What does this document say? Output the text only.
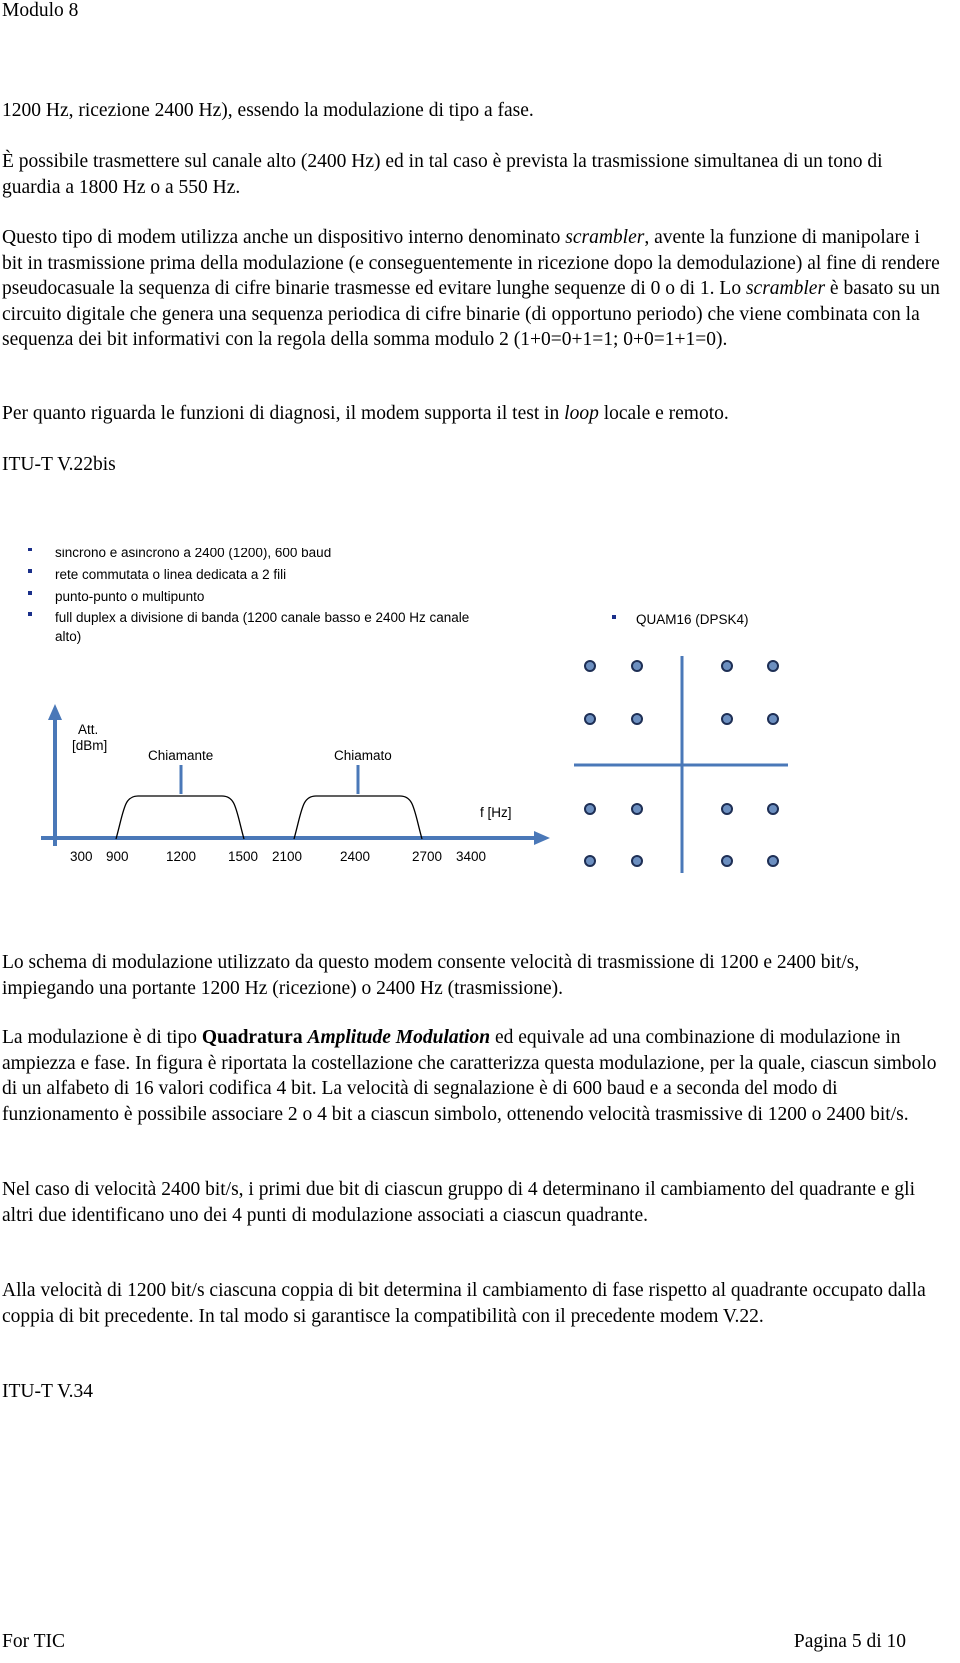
Modulo 8
1200 Hz, ricezione 2400 Hz), essendo la modulazione di tipo a fase.
È possibile trasmettere sul canale alto (2400 Hz) ed in tal caso è prevista la trasmissione simultanea di un tono di guardia a 1800 Hz o a 550 Hz.
Questo tipo di modem utilizza anche un dispositivo interno denominato scrambler, avente la funzione di manipolare i bit in trasmissione prima della modulazione (e conseguentemente in ricezione dopo la demodulazione) al fine di rendere pseudocasuale la sequenza di cifre binarie trasmesse ed evitare lunghe sequenze di 0 o di 1. Lo scrambler è basato su un circuito digitale che genera una sequenza periodica di cifre binarie (di opportuno periodo) che viene combinata con la sequenza dei bit informativi con la regola della somma modulo 2 (1+0=0+1=1; 0+0=1+1=0).
Per quanto riguarda le funzioni di diagnosi, il modem supporta il test in loop locale e remoto.
ITU-T V.22bis
sincrono e asincrono a 2400 (1200), 600 baud
rete commutata o linea dedicata a 2 fili
punto-punto o multipunto
full duplex a divisione di banda (1200 canale basso e 2400 Hz canale
alto)
Att.
[dBm]
f [Hz]
Chiamante	Chiamato
300 900	1200 1500 2100	2400	2700 3400
QUAM16 (DPSK4)
Lo schema di modulazione utilizzato da questo modem consente velocità di trasmissione di 1200 e 2400 bit/s, impiegando una portante 1200 Hz (ricezione) o 2400 Hz (trasmissione).
La modulazione è di tipo Quadratura Amplitude Modulation ed equivale ad una combinazione di modulazione in ampiezza e fase. In figura è riportata la costellazione che caratterizza questa modulazione, per la quale, ciascun simbolo di un alfabeto di 16 valori codifica 4 bit. La velocità di segnalazione è di 600 baud e a seconda del modo di funzionamento è possibile associare 2 o 4 bit a ciascun simbolo, ottenendo velocità trasmissive di 1200 o 2400 bit/s.
Nel caso di velocità 2400 bit/s, i primi due bit di ciascun gruppo di 4 determinano il cambiamento del quadrante e gli altri due identificano uno dei 4 punti di modulazione associati a ciascun quadrante.
Alla velocità di 1200 bit/s ciascuna coppia di bit determina il cambiamento di fase rispetto al quadrante occupato dalla coppia di bit precedente. In tal modo si garantisce la compatibilità con il precedente modem V.22.
ITU-T V.34
For TIC	Pagina 5 di 10
